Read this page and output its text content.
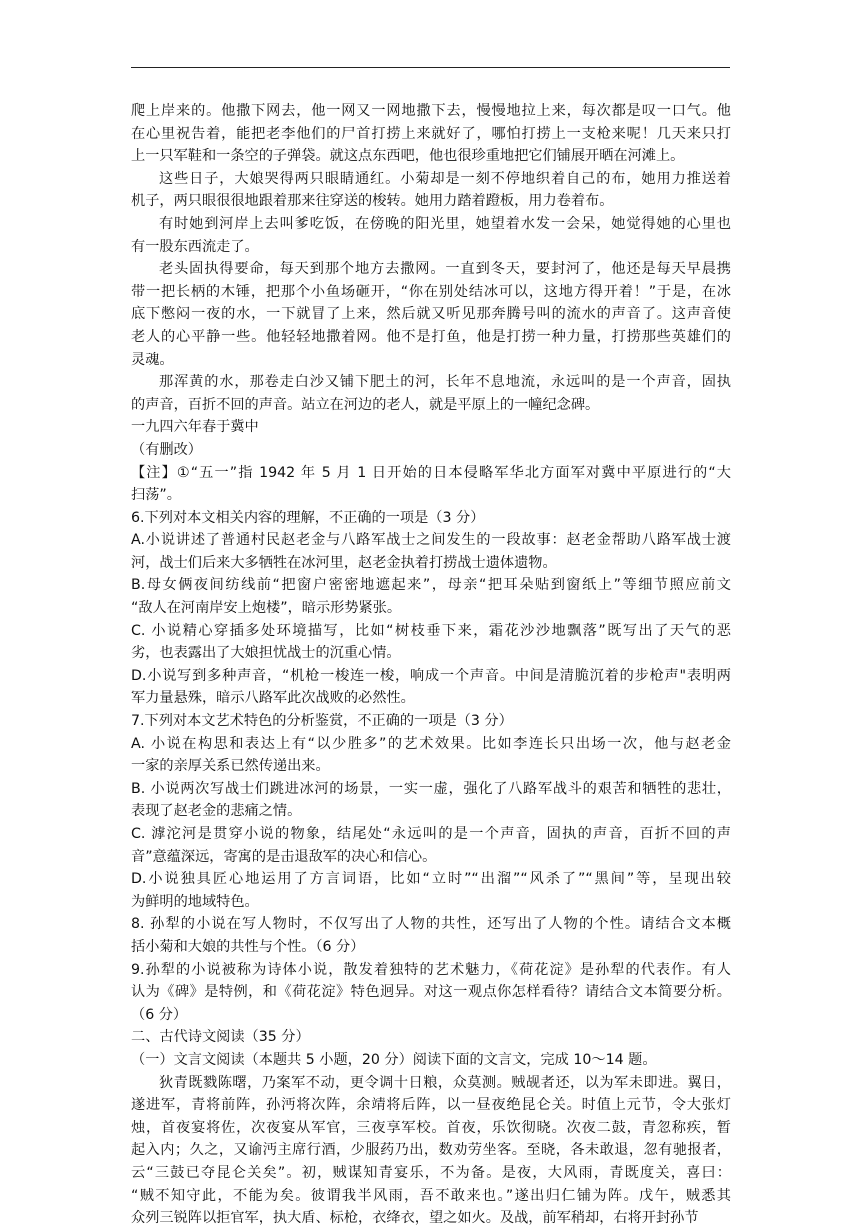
爬上岸来的。他撒下网去，他一网又一网地撒下去，慢慢地拉上来，每次都是叹一口气。他
在心里祝告着，能把老李他们的尸首打捞上来就好了，哪怕打捞上一支枪来呢！几天来只打
上一只军鞋和一条空的子弹袋。就这点东西吧，他也很珍重地把它们铺展开晒在河滩上。
这些日子，大娘哭得两只眼睛通红。小菊却是一刻不停地织着自己的布，她用力推送着
机子，两只眼很很地跟着那来往穿送的梭转。她用力踏着蹬板，用力卷着布。
有时她到河岸上去叫爹吃饭，在傍晚的阳光里，她望着水发一会呆，她觉得她的心里也
有一股东西流走了。
老头固执得要命，每天到那个地方去撒网。一直到冬天，要封河了，他还是每天早晨携
带一把长柄的木锤，把那个小鱼场砸开，“你在别处结冰可以，这地方得开着！”于是，在冰
底下憋闷一夜的水，一下就冒了上来，然后就又听见那奔腾号叫的流水的声音了。这声音使
老人的心平静一些。他轻轻地撒着网。他不是打鱼，他是打捞一种力量，打捞那些英雄们的
灵魂。
那浑黄的水，那卷走白沙又铺下肥土的河，长年不息地流，永远叫的是一个声音，固执
的声音，百折不回的声音。站立在河边的老人，就是平原上的一幢纪念碑。
一九四六年春于冀中
（有删改）
【注】①“五一”指 1942 年 5 月 1 日开始的日本侵略军华北方面军对冀中平原进行的“大
扫荡”。
6.下列对本文相关内容的理解，不正确的一项是（3 分）
A.小说讲述了普通村民赵老金与八路军战士之间发生的一段故事：赵老金帮助八路军战士渡
河，战士们后来大多牺牲在冰河里，赵老金执着打捞战士遗体遗物。
B.母女俩夜间纺线前“把窗户密密地遮起来”，母亲“把耳朵贴到窗纸上”等细节照应前文
“敌人在河南岸安上炮楼”，暗示形势紧张。
C. 小说精心穿插多处环境描写，比如“树枝垂下来，霜花沙沙地飘落”既写出了天气的恶
劣，也表露出了大娘担忧战士的沉重心情。
D.小说写到多种声音，“机枪一梭连一梭，响成一个声音。中间是清脆沉着的步枪声"表明两
军力量悬殊，暗示八路军此次战败的必然性。
7.下列对本文艺术特色的分析鉴赏，不正确的一项是（3 分）
A. 小说在构思和表达上有“以少胜多”的艺术效果。比如李连长只出场一次，他与赵老金
一家的亲厚关系已然传递出来。
B. 小说两次写战士们跳进冰河的场景，一实一虚，强化了八路军战斗的艰苦和牺牲的悲壮，
表现了赵老金的悲痛之情。
C. 滹沱河是贯穿小说的物象，结尾处“永远叫的是一个声音，固执的声音，百折不回的声
音”意蕴深远，寄寓的是击退敌军的决心和信心。
D.小说独具匠心地运用了方言词语，比如“立时”“出溜”“风杀了”“黑间”等，呈现出较
为鲜明的地域特色。
8. 孙犁的小说在写人物时，不仅写出了人物的共性，还写出了人物的个性。请结合文本概
括小菊和大娘的共性与个性。（6 分）
9.孙犁的小说被称为诗体小说，散发着独特的艺术魅力，《荷花淀》是孙犁的代表作。有人
认为《碑》是特例，和《荷花淀》特色迥异。对这一观点你怎样看待？请结合文本简要分析。
（6 分）
二、古代诗文阅读（35 分）
（一）文言文阅读（本题共 5 小题，20 分）阅读下面的文言文，完成 10～14 题。
狄青既戮陈曙，乃案军不动，更令调十日粮，众莫测。贼觇者还，以为军未即进。翼日，
遂进军，青将前阵，孙沔将次阵，余靖将后阵，以一昼夜绝昆仑关。时值上元节，令大张灯
烛，首夜宴将佐，次夜宴从军官，三夜享军校。首夜，乐饮彻晓。次夜二鼓，青忽称疾，暂
起入内；久之，又谕沔主席行酒，少服药乃出，数劝劳坐客。至晓，各未敢退，忽有驰报者，
云“三鼓已夺昆仑关矣”。初，贼谋知青宴乐，不为备。是夜，大风雨，青既度关，喜曰：
“贼不知守此，不能为矣。彼谓我半风雨，吾不敢来也。”遂出归仁铺为阵。戊午，贼悉其
众列三锐阵以拒官军，执大盾、标枪，衣绛衣，望之如火。及战，前军稍却，右将开封孙节
